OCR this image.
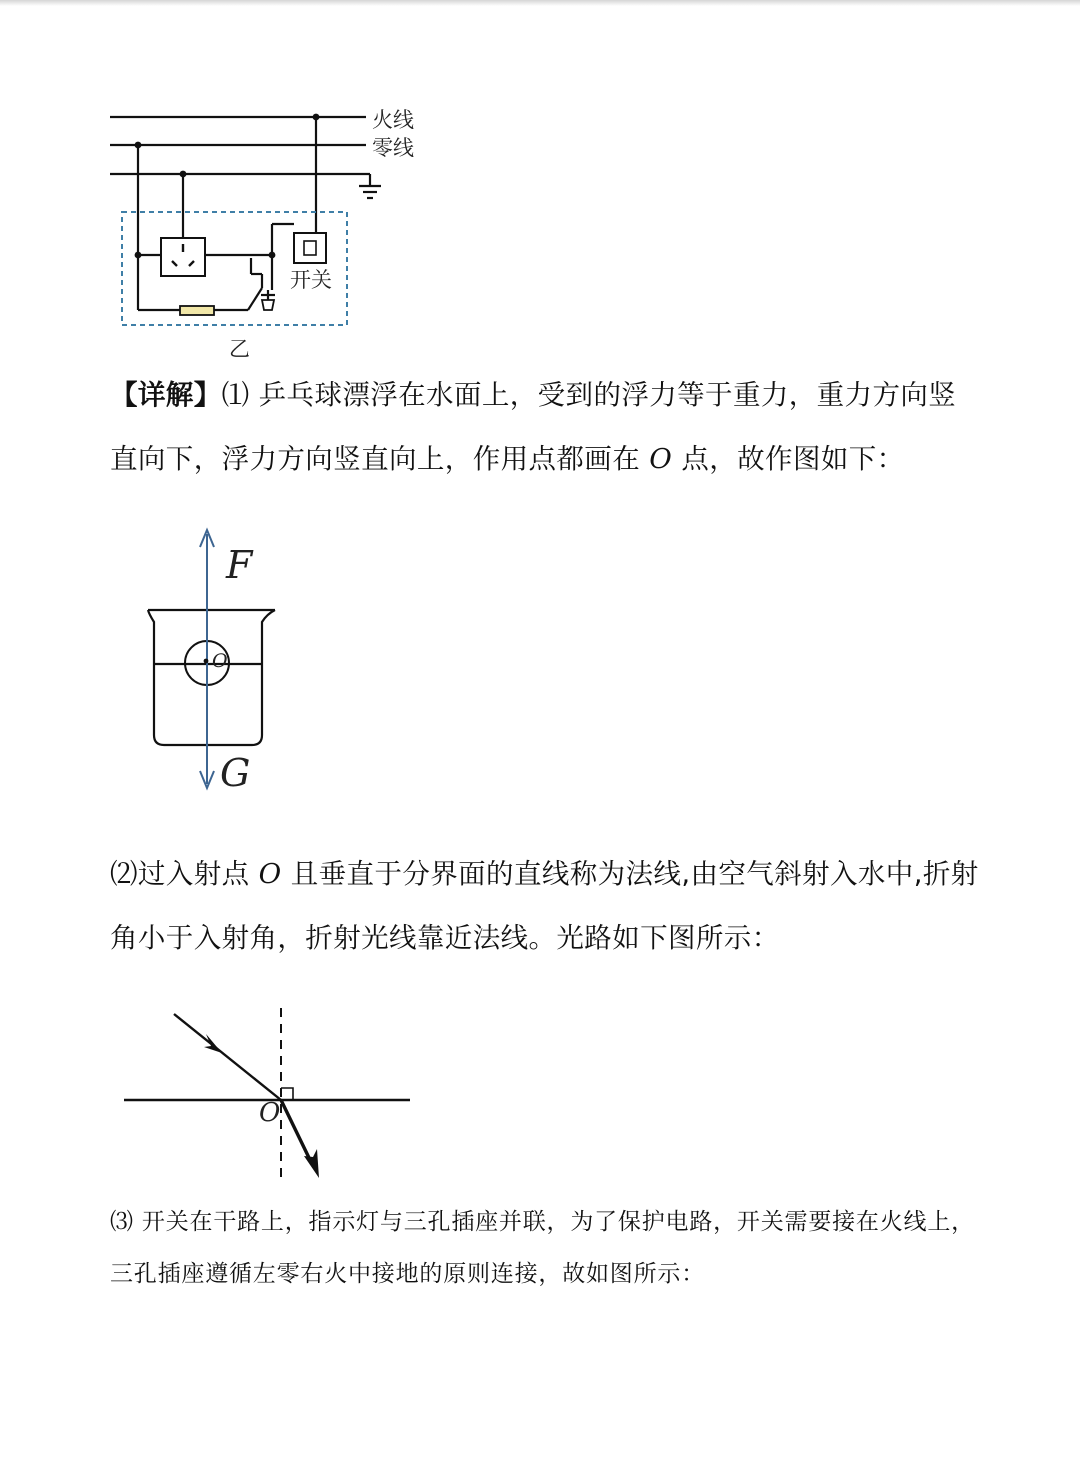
火线
零线
开关
乙

【详解】⑴ 乒乓球漂浮在水面上，受到的浮力等于重力，重力方向竖直向下，浮力方向竖直向上，作用点都画在 O 点，故作图如下：

O
F
G

⑵过入射点 O 且垂直于分界面的直线称为法线,由空气斜射入水中,折射角小于入射角，折射光线靠近法线。光路如下图所示：

O

⑶ 开关在干路上，指示灯与三孔插座并联，为了保护电路，开关需要接在火线上，三孔插座遵循左零右火中接地的原则连接，故如图所示：
